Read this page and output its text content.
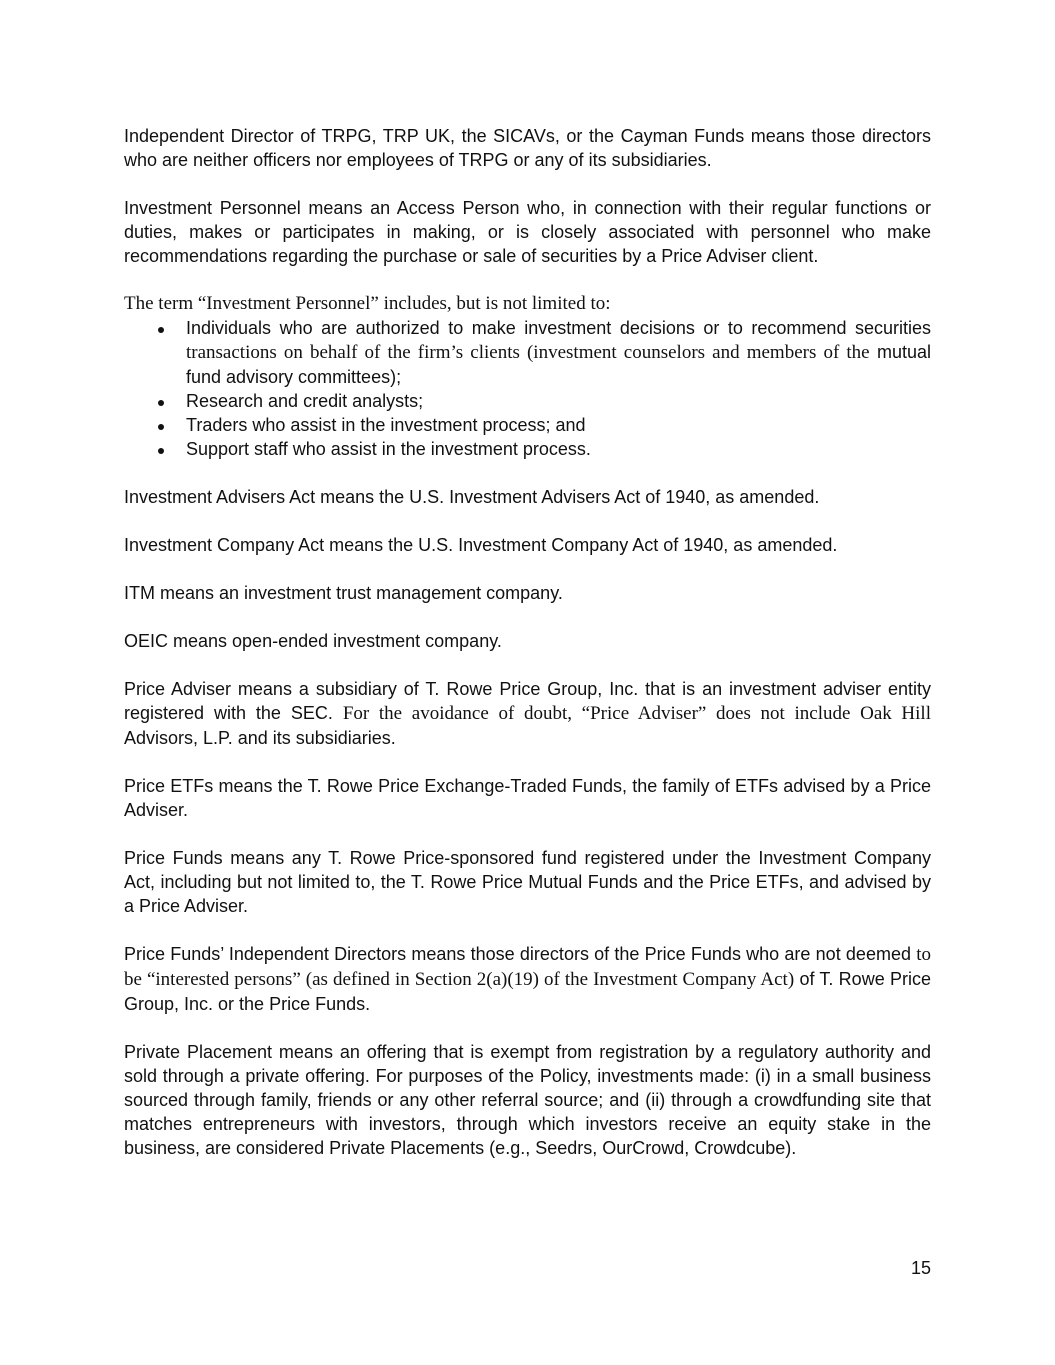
Independent Director of TRPG, TRP UK, the SICAVs, or the Cayman Funds means those directors who are neither officers nor employees of TRPG or any of its subsidiaries.

Investment Personnel means an Access Person who, in connection with their regular functions or duties, makes or participates in making, or is closely associated with personnel who make recommendations regarding the purchase or sale of securities by a Price Adviser client.

The term “Investment Personnel” includes, but is not limited to:

Individuals who are authorized to make investment decisions or to recommend securities transactions on behalf of the firm’s clients (investment counselors and members of the mutual fund advisory committees);
Research and credit analysts;
Traders who assist in the investment process; and
Support staff who assist in the investment process.

Investment Advisers Act means the U.S. Investment Advisers Act of 1940, as amended.

Investment Company Act means the U.S. Investment Company Act of 1940, as amended.

ITM means an investment trust management company.

OEIC means open-ended investment company.

Price Adviser means a subsidiary of T. Rowe Price Group, Inc. that is an investment adviser entity registered with the SEC. For the avoidance of doubt, “Price Adviser” does not include Oak Hill Advisors, L.P. and its subsidiaries.

Price ETFs means the T. Rowe Price Exchange-Traded Funds, the family of ETFs advised by a Price Adviser.

Price Funds means any T. Rowe Price-sponsored fund registered under the Investment Company Act, including but not limited to, the T. Rowe Price Mutual Funds and the Price ETFs, and advised by a Price Adviser.

Price Funds’ Independent Directors means those directors of the Price Funds who are not deemed to be “interested persons” (as defined in Section 2(a)(19) of the Investment Company Act) of T. Rowe Price Group, Inc. or the Price Funds.

Private Placement means an offering that is exempt from registration by a regulatory authority and sold through a private offering. For purposes of the Policy, investments made: (i) in a small business sourced through family, friends or any other referral source; and (ii) through a crowdfunding site that matches entrepreneurs with investors, through which investors receive an equity stake in the business, are considered Private Placements (e.g., Seedrs, OurCrowd, Crowdcube).

15
